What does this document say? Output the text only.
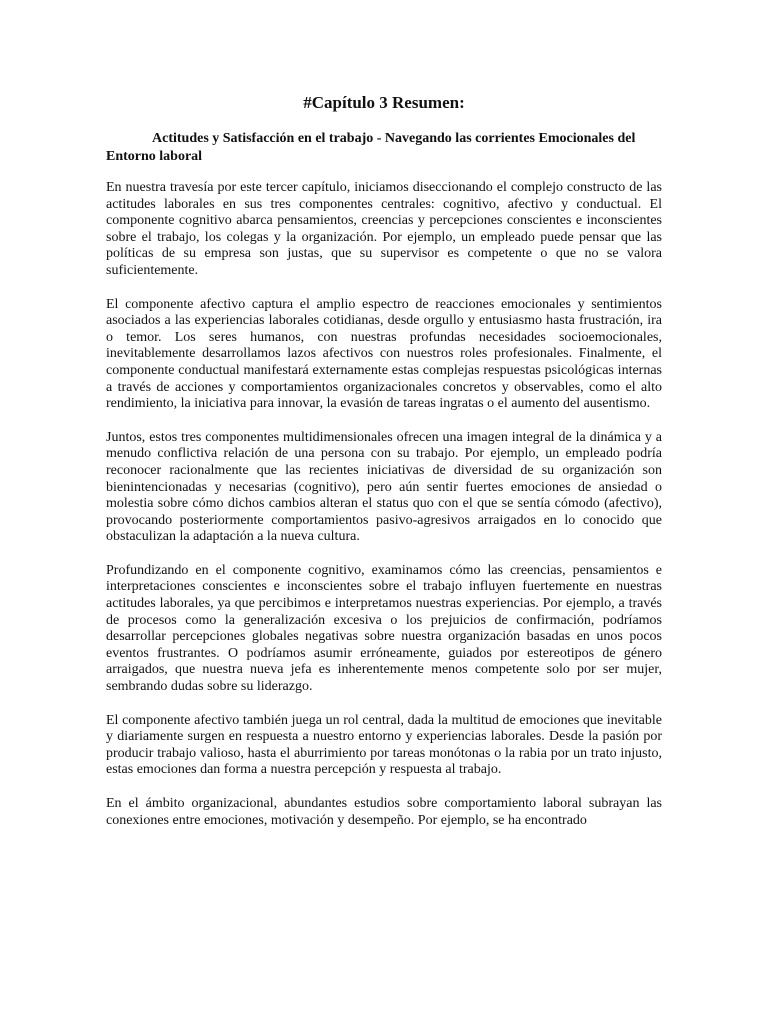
#Capítulo 3 Resumen:
Actitudes y Satisfacción en el trabajo - Navegando las corrientes Emocionales del Entorno laboral

En nuestra travesía por este tercer capítulo, iniciamos diseccionando el complejo constructo de las actitudes laborales en sus tres componentes centrales: cognitivo, afectivo y conductual. El componente cognitivo abarca pensamientos, creencias y percepciones conscientes e inconscientes sobre el trabajo, los colegas y la organización. Por ejemplo, un empleado puede pensar que las políticas de su empresa son justas, que su supervisor es competente o que no se valora suficientemente.

El componente afectivo captura el amplio espectro de reacciones emocionales y sentimientos asociados a las experiencias laborales cotidianas, desde orgullo y entusiasmo hasta frustración, ira o temor. Los seres humanos, con nuestras profundas necesidades socioemocionales, inevitablemente desarrollamos lazos afectivos con nuestros roles profesionales. Finalmente, el componente conductual manifestará externamente estas complejas respuestas psicológicas internas a través de acciones y comportamientos organizacionales concretos y observables, como el alto rendimiento, la iniciativa para innovar, la evasión de tareas ingratas o el aumento del ausentismo.

Juntos, estos tres componentes multidimensionales ofrecen una imagen integral de la dinámica y a menudo conflictiva relación de una persona con su trabajo. Por ejemplo, un empleado podría reconocer racionalmente que las recientes iniciativas de diversidad de su organización son bienintencionadas y necesarias (cognitivo), pero aún sentir fuertes emociones de ansiedad o molestia sobre cómo dichos cambios alteran el status quo con el que se sentía cómodo (afectivo), provocando posteriormente comportamientos pasivo-agresivos arraigados en lo conocido que obstaculizan la adaptación a la nueva cultura.

Profundizando en el componente cognitivo, examinamos cómo las creencias, pensamientos e interpretaciones conscientes e inconscientes sobre el trabajo influyen fuertemente en nuestras actitudes laborales, ya que percibimos e interpretamos nuestras experiencias. Por ejemplo, a través de procesos como la generalización excesiva o los prejuicios de confirmación, podríamos desarrollar percepciones globales negativas sobre nuestra organización basadas en unos pocos eventos frustrantes. O podríamos asumir erróneamente, guiados por estereotipos de género arraigados, que nuestra nueva jefa es inherentemente menos competente solo por ser mujer, sembrando dudas sobre su liderazgo.

El componente afectivo también juega un rol central, dada la multitud de emociones que inevitable y diariamente surgen en respuesta a nuestro entorno y experiencias laborales. Desde la pasión por producir trabajo valioso, hasta el aburrimiento por tareas monótonas o la rabia por un trato injusto, estas emociones dan forma a nuestra percepción y respuesta al trabajo.

En el ámbito organizacional, abundantes estudios sobre comportamiento laboral subrayan las conexiones entre emociones, motivación y desempeño. Por ejemplo, se ha encontrado
